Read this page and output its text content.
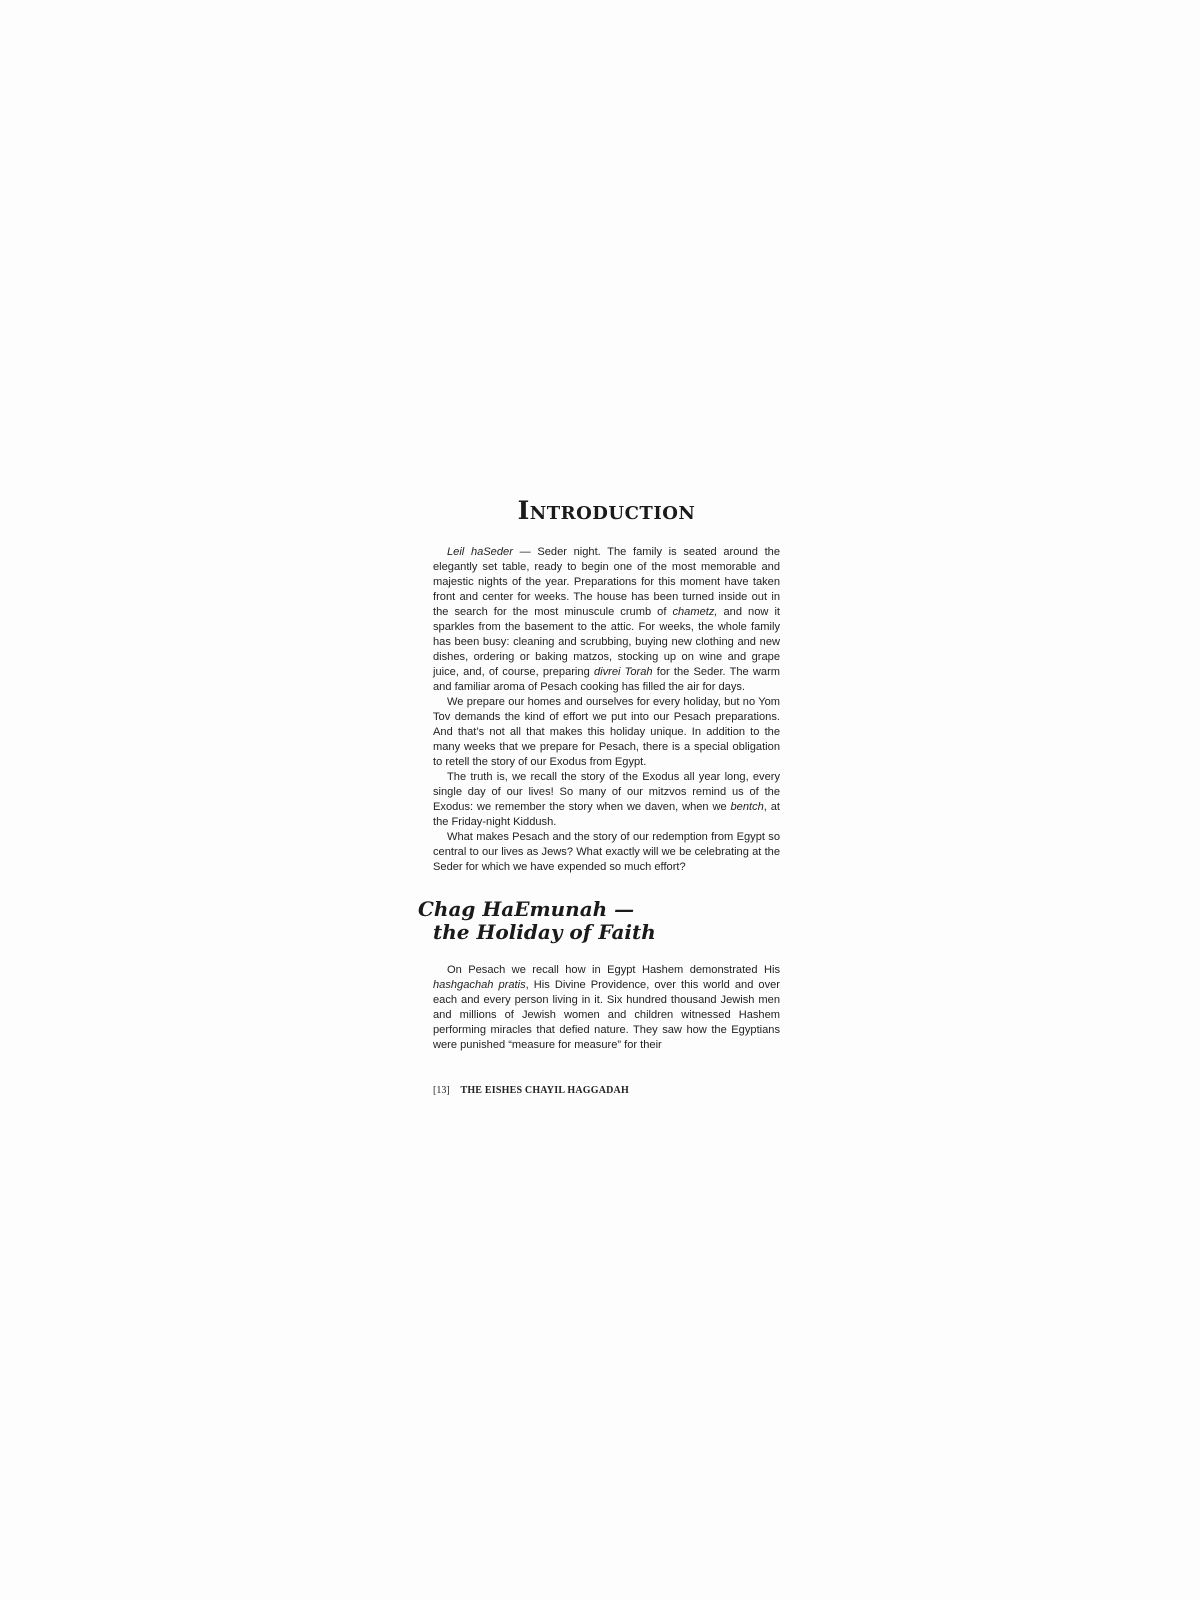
Introduction

Leil haSeder — Seder night. The family is seated around the elegantly set table, ready to begin one of the most memorable and majestic nights of the year. Preparations for this moment have taken front and center for weeks. The house has been turned inside out in the search for the most minuscule crumb of chametz, and now it sparkles from the basement to the attic. For weeks, the whole family has been busy: cleaning and scrubbing, buying new clothing and new dishes, ordering or baking matzos, stocking up on wine and grape juice, and, of course, preparing divrei Torah for the Seder. The warm and familiar aroma of Pesach cooking has filled the air for days.

We prepare our homes and ourselves for every holiday, but no Yom Tov demands the kind of effort we put into our Pesach preparations. And that’s not all that makes this holiday unique. In addition to the many weeks that we prepare for Pesach, there is a special obligation to retell the story of our Exodus from Egypt.

The truth is, we recall the story of the Exodus all year long, every single day of our lives! So many of our mitzvos remind us of the Exodus: we remember the story when we daven, when we bentch, at the Friday-night Kiddush.

What makes Pesach and the story of our redemption from Egypt so central to our lives as Jews? What exactly will we be celebrating at the Seder for which we have expended so much effort?

Chag HaEmunah —
the Holiday of Faith

On Pesach we recall how in Egypt Hashem demonstrated His hashgachah pratis, His Divine Providence, over this world and over each and every person living in it. Six hundred thousand Jewish men and millions of Jewish women and children witnessed Hashem performing miracles that defied nature. They saw how the Egyptians were punished “measure for measure” for their

[13] THE EISHES CHAYIL HAGGADAH
